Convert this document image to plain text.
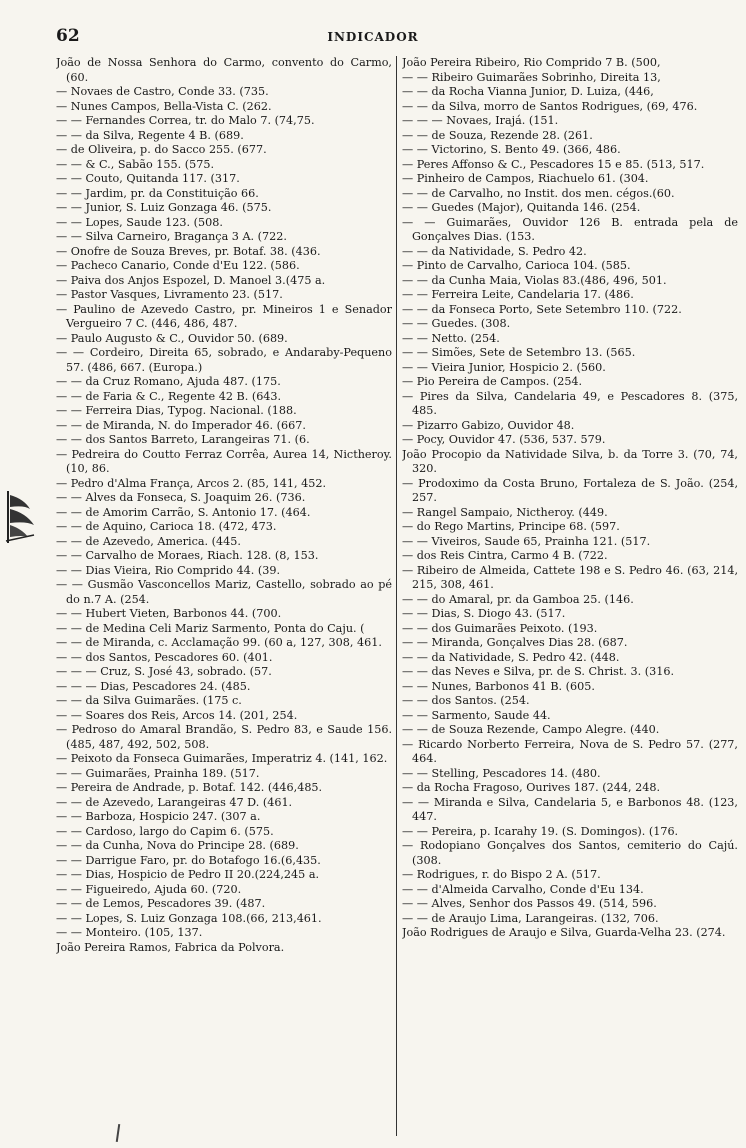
62	INDICADOR
João de Nossa Senhora do Carmo, convento do Carmo, (60.
— Novaes de Castro, Conde 33. (735.
— Nunes Campos, Bella-Vista C. (262.
— — Fernandes Correa, tr. do Malo 7. (74,75.
— — da Silva, Regente 4 B. (689.
— de Oliveira, p. do Sacco 255. (677.
— — & C., Sabão 155. (575.
— — Couto, Quitanda 117. (317.
— — Jardim, pr. da Constituição 66.
— — Junior, S. Luiz Gonzaga 46. (575.
— — Lopes, Saude 123. (508.
— — Silva Carneiro, Bragança 3 A. (722.
— Onofre de Souza Breves, pr. Botaf. 38. (436.
— Pacheco Canario, Conde d'Eu 122. (586.
— Paiva dos Anjos Espozel, D. Manoel 3.(475 a.
— Pastor Vasques, Livramento 23. (517.
— Paulino de Azevedo Castro, pr. Mineiros 1 e Senador Vergueiro 7 C. (446, 486, 487.
— Paulo Augusto & C., Ouvidor 50. (689.
— — Cordeiro, Direita 65, sobrado, e Andaraby-Pequeno 57. (486, 667. (Europa.)
— — da Cruz Romano, Ajuda 487. (175.
— — de Faria & C., Regente 42 B. (643.
— — Ferreira Dias, Typog. Nacional. (188.
— — de Miranda, N. do Imperador 46. (667.
— — dos Santos Barreto, Larangeiras 71. (6.
— Pedreira do Coutto Ferraz Corrêa, Aurea 14, Nictheroy. (10, 86.
— Pedro d'Alma França, Arcos 2. (85, 141, 452.
— — Alves da Fonseca, S. Joaquim 26. (736.
— — de Amorim Carrão, S. Antonio 17. (464.
— — de Aquino, Carioca 18. (472, 473.
— — de Azevedo, America. (445.
— — Carvalho de Moraes, Riach. 128. (8, 153.
— — Dias Vieira, Rio Comprido 44. (39.
— — Gusmão Vasconcellos Mariz, Castello, sobrado ao pé do n.7 A. (254.
— — Hubert Vieten, Barbonos 44. (700.
— — de Medina Celi Mariz Sarmento, Ponta do Caju. (
— — de Miranda, c. Acclamação 99. (60 a, 127, 308, 461.
— — dos Santos, Pescadores 60. (401.
— — — Cruz, S. José 43, sobrado. (57.
— — — Dias, Pescadores 24. (485.
— — da Silva Guimarães. (175 c.
— — Soares dos Reis, Arcos 14. (201, 254.
— Pedroso do Amaral Brandão, S. Pedro 83, e Saude 156. (485, 487, 492, 502, 508.
— Peixoto da Fonseca Guimarães, Imperatriz 4. (141, 162.
— — Guimarães, Prainha 189. (517.
— Pereira de Andrade, p. Botaf. 142. (446,485.
— — de Azevedo, Larangeiras 47 D. (461.
— — Barboza, Hospicio 247. (307 a.
— — Cardoso, largo do Capim 6. (575.
— — da Cunha, Nova do Principe 28. (689.
— — Darrigue Faro, pr. do Botafogo 16.(6,435.
— — Dias, Hospicio de Pedro II 20.(224,245 a.
— — Figueiredo, Ajuda 60. (720.
— — de Lemos, Pescadores 39. (487.
— — Lopes, S. Luiz Gonzaga 108.(66, 213,461.
— — Monteiro. (105, 137.
João Pereira Ramos, Fabrica da Polvora.
João Pereira Ribeiro, Rio Comprido 7 B. (500,
— — Ribeiro Guimarães Sobrinho, Direita 13,
— — da Rocha Vianna Junior, D. Luiza, (446,
— — da Silva, morro de Santos Rodrigues, (69, 476.
— — — Novaes, Irajá. (151.
— — de Souza, Rezende 28. (261.
— — Victorino, S. Bento 49. (366, 486.
— Peres Affonso & C., Pescadores 15 e 85. (513, 517.
— Pinheiro de Campos, Riachuelo 61. (304.
— — de Carvalho, no Instit. dos men. cégos.(60.
— — Guedes (Major), Quitanda 146. (254.
— — Guimarães, Ouvidor 126 B. entrada pela de Gonçalves Dias. (153.
— — da Natividade, S. Pedro 42.
— Pinto de Carvalho, Carioca 104. (585.
— — da Cunha Maia, Violas 83.(486, 496, 501.
— — Ferreira Leite, Candelaria 17. (486.
— — da Fonseca Porto, Sete Setembro 110. (722.
— — Guedes. (308.
— — Netto. (254.
— — Simões, Sete de Setembro 13. (565.
— — Vieira Junior, Hospicio 2. (560.
— Pio Pereira de Campos. (254.
— Pires da Silva, Candelaria 49, e Pescadores 8. (375, 485.
— Pizarro Gabizo, Ouvidor 48.
— Pocy, Ouvidor 47. (536, 537. 579.
João Procopio da Natividade Silva, b. da Torre 3. (70, 74, 320.
— Prodoximo da Costa Bruno, Fortaleza de S. João. (254, 257.
— Rangel Sampaio, Nictheroy. (449.
— do Rego Martins, Principe 68. (597.
— — Viveiros, Saude 65, Prainha 121. (517.
— dos Reis Cintra, Carmo 4 B. (722.
— Ribeiro de Almeida, Cattete 198 e S. Pedro 46. (63, 214, 215, 308, 461.
— — do Amaral, pr. da Gamboa 25. (146.
— — Dias, S. Diogo 43. (517.
— — dos Guimarães Peixoto. (193.
— — Miranda, Gonçalves Dias 28. (687.
— — da Natividade, S. Pedro 42. (448.
— — das Neves e Silva, pr. de S. Christ. 3. (316.
— — Nunes, Barbonos 41 B. (605.
— — dos Santos. (254.
— — Sarmento, Saude 44.
— — de Souza Rezende, Campo Alegre. (440.
— Ricardo Norberto Ferreira, Nova de S. Pedro 57. (277, 464.
— — Stelling, Pescadores 14. (480.
— da Rocha Fragoso, Ourives 187. (244, 248.
— — Miranda e Silva, Candelaria 5, e Barbonos 48. (123, 447.
— — Pereira, p. Icarahy 19. (S. Domingos). (176.
— Rodopiano Gonçalves dos Santos, cemiterio do Cajú. (308.
— Rodrigues, r. do Bispo 2 A. (517.
— — d'Almeida Carvalho, Conde d'Eu 134.
— — Alves, Senhor dos Passos 49. (514, 596.
— — de Araujo Lima, Larangeiras. (132, 706.
João Rodrigues de Araujo e Silva, Guarda-Velha 23. (274.
